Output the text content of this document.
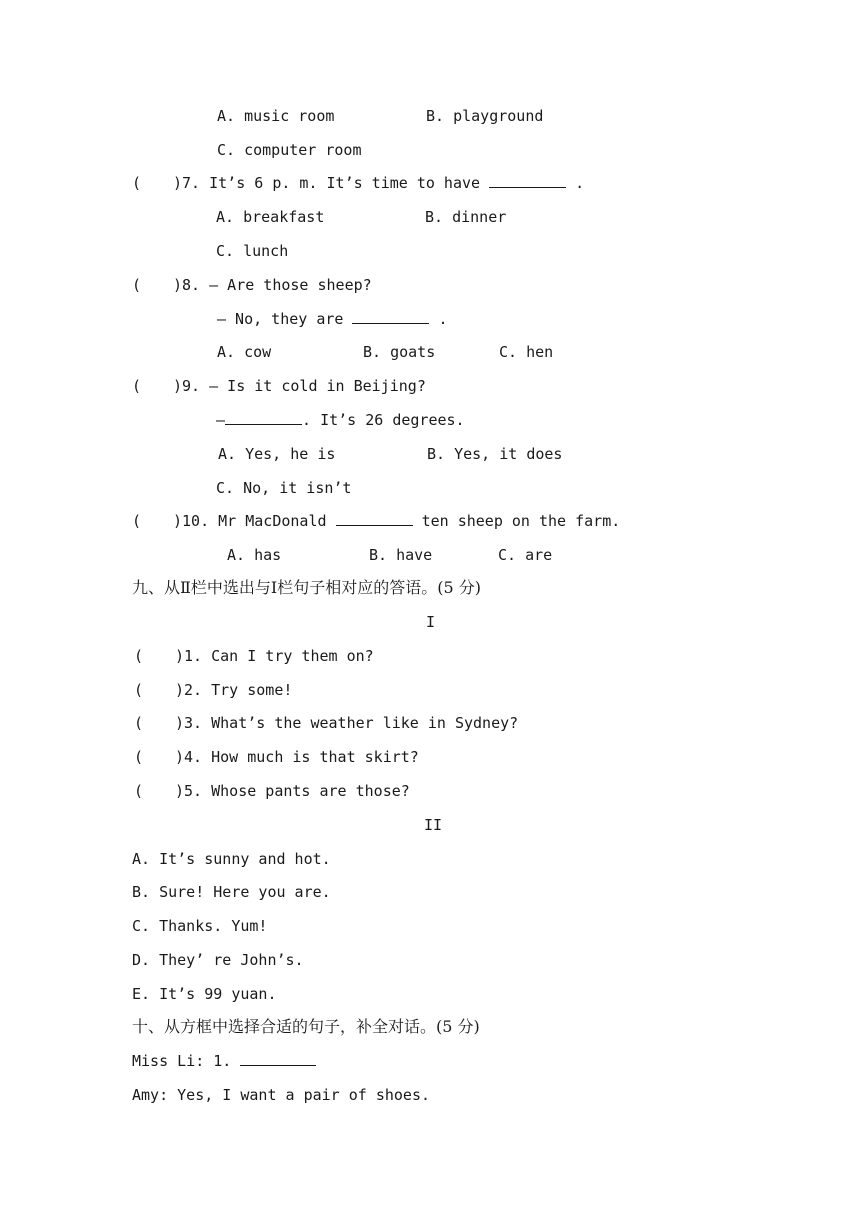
A. music room	B. playground
C. computer room
( )7. It’s 6 p. m. It’s time to have	.
A. breakfast	B. dinner
C. lunch
( )8. — Are those sheep?
— No, they are	.
A. cow	B. goats	C. hen
( )9. — Is it cold in Beijing?
—	. It’s 26 degrees.
A. Yes, he is	B. Yes, it does
C. No, it isn’t
( )10. Mr MacDonald	ten sheep on the farm.
A. has	B. have	C. are
九、从Ⅱ栏中选出与Ⅰ栏句子相对应的答语。(5 分)
I
( )1. Can I try them on?
( )2. Try some!
( )3. What’s the weather like in Sydney?
( )4. How much is that skirt?
( )5. Whose pants are those?
II
A. It’s sunny and hot.
B. Sure! Here you are.
C. Thanks. Yum!
D. They’ re John’s.
E. It’s 99 yuan.
十、从方框中选择合适的句子，补全对话。(5 分)
Miss Li: 1.
Amy: Yes, I want a pair of shoes.
